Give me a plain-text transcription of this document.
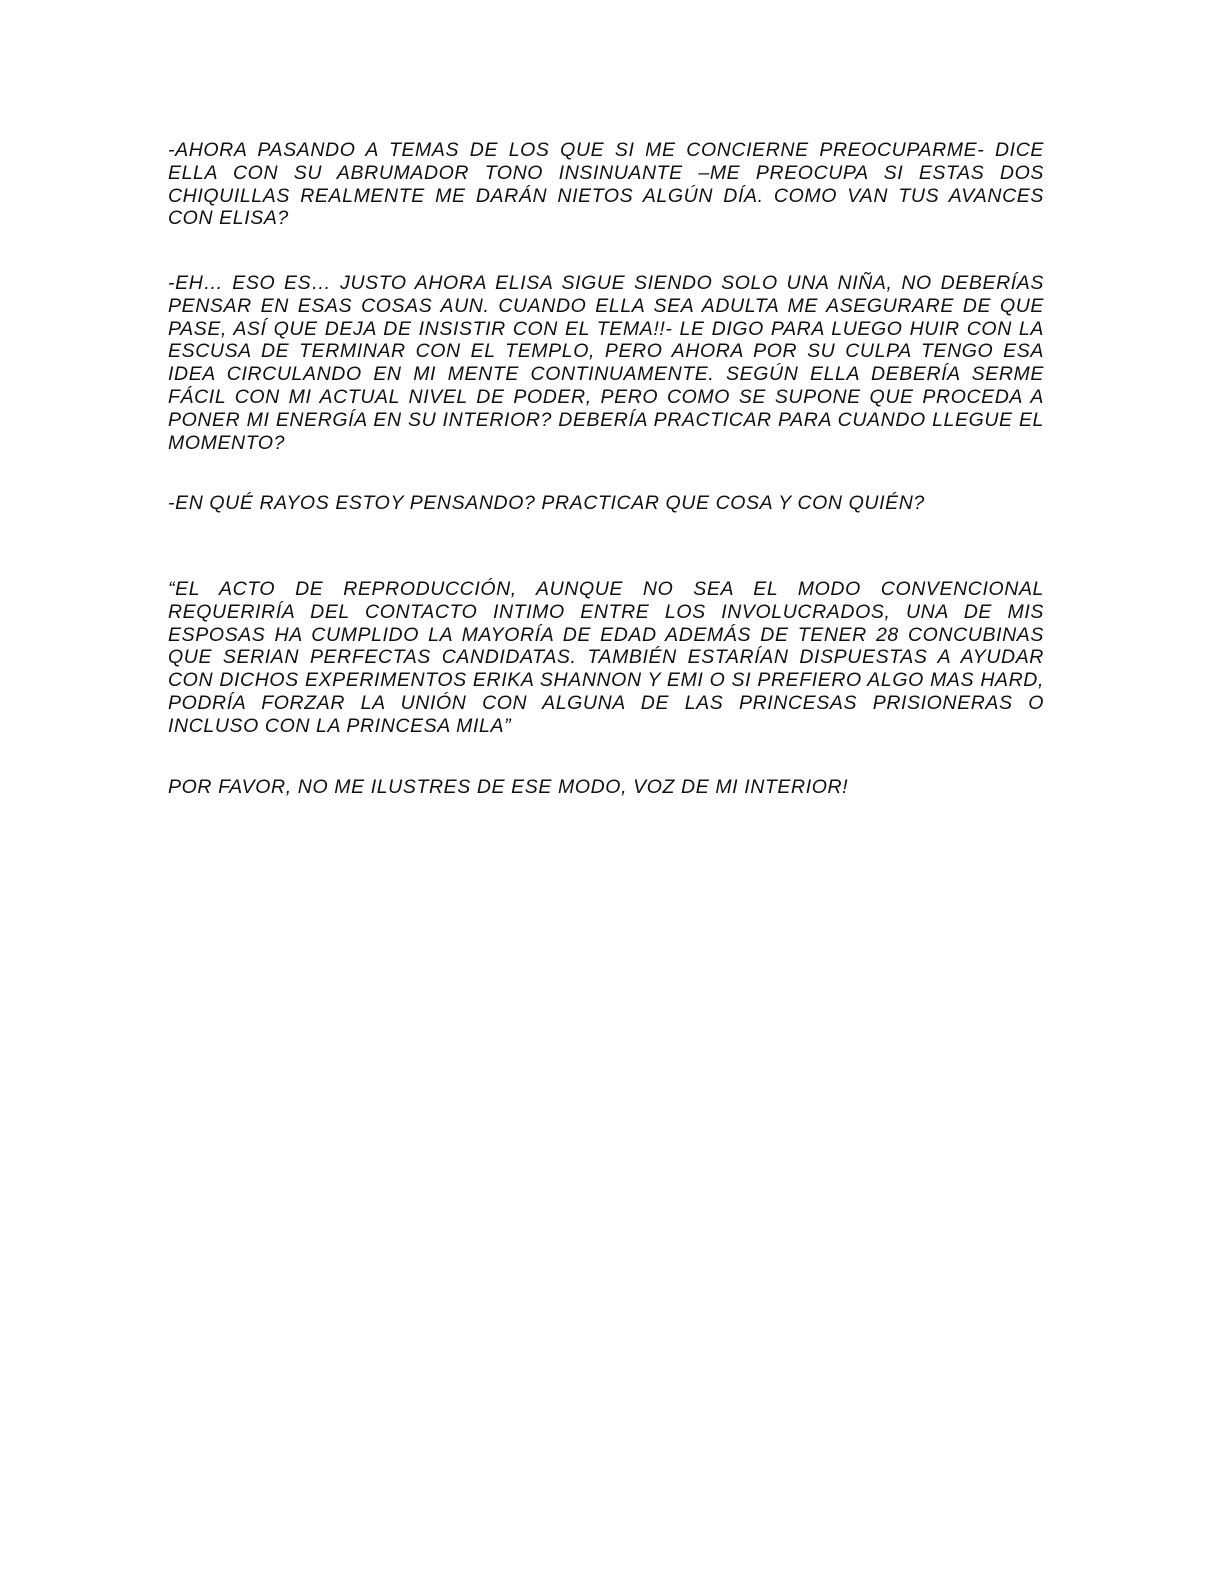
-AHORA PASANDO A TEMAS DE LOS QUE SI ME CONCIERNE PREOCUPARME- DICE ELLA CON SU ABRUMADOR TONO INSINUANTE –ME PREOCUPA SI ESTAS DOS CHIQUILLAS REALMENTE ME DARÁN NIETOS ALGÚN DÍA. COMO VAN TUS AVANCES CON ELISA?

-EH… ESO ES… JUSTO AHORA ELISA SIGUE SIENDO SOLO UNA NIÑA, NO DEBERÍAS PENSAR EN ESAS COSAS AUN. CUANDO ELLA SEA ADULTA ME ASEGURARE DE QUE PASE, ASÍ QUE DEJA DE INSISTIR CON EL TEMA!!- LE DIGO PARA LUEGO HUIR CON LA ESCUSA DE TERMINAR CON EL TEMPLO, PERO AHORA POR SU CULPA TENGO ESA IDEA CIRCULANDO EN MI MENTE CONTINUAMENTE. SEGÚN ELLA DEBERÍA SERME FÁCIL CON MI ACTUAL NIVEL DE PODER, PERO COMO SE SUPONE QUE PROCEDA A PONER MI ENERGÍA EN SU INTERIOR? DEBERÍA PRACTICAR PARA CUANDO LLEGUE EL MOMENTO?

-EN QUÉ RAYOS ESTOY PENSANDO? PRACTICAR QUE COSA Y CON QUIÉN?

“EL ACTO DE REPRODUCCIÓN, AUNQUE NO SEA EL MODO CONVENCIONAL REQUERIRÍA DEL CONTACTO INTIMO ENTRE LOS INVOLUCRADOS, UNA DE MIS ESPOSAS HA CUMPLIDO LA MAYORÍA DE EDAD ADEMÁS DE TENER 28 CONCUBINAS QUE SERIAN PERFECTAS CANDIDATAS. TAMBIÉN ESTARÍAN DISPUESTAS A AYUDAR CON DICHOS EXPERIMENTOS ERIKA SHANNON Y EMI O SI PREFIERO ALGO MAS HARD, PODRÍA FORZAR LA UNIÓN CON ALGUNA DE LAS PRINCESAS PRISIONERAS O INCLUSO CON LA PRINCESA MILA”

POR FAVOR, NO ME ILUSTRES DE ESE MODO, VOZ DE MI INTERIOR!
